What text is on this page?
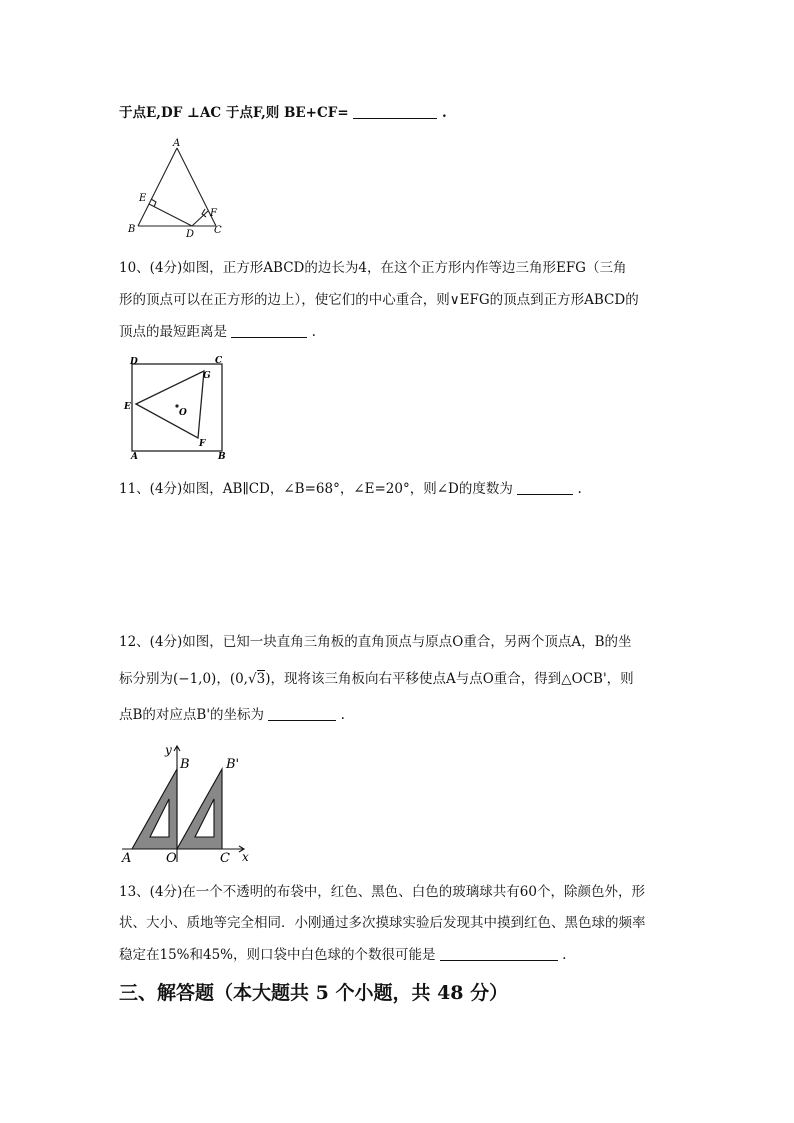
于点E,DF ⊥AC 于点F,则 BE+CF=	.
A
E
F
B	D C
10、(4分)如图，正方形ABCD的边长为4，在这个正方形内作等边三角形EFG（三角
形的顶点可以在正方形的边上），使它们的中心重合，则∨EFG的顶点到正方形ABCD的
顶点的最短距离是	.
D	C
G
E
O
F
A	B
11、(4分)如图，AB∥CD，∠B=68°，∠E=20°，则∠D的度数为	.
12、(4分)如图，已知一块直角三角板的直角顶点与原点O重合，另两个顶点A，B的坐
标分别为(−1,0)，(0,√3)，现将该三角板向右平移使点A与点O重合，得到△OCB'，则
点B的对应点B'的坐标为	.
y
B	B'
A	O	C x
13、(4分)在一个不透明的布袋中，红色、黑色、白色的玻璃球共有60个，除颜色外，形
状、大小、质地等完全相同．小刚通过多次摸球实验后发现其中摸到红色、黑色球的频率
稳定在15%和45%，则口袋中白色球的个数很可能是	.
三、解答题（本大题共 5 个小题，共 48 分）
